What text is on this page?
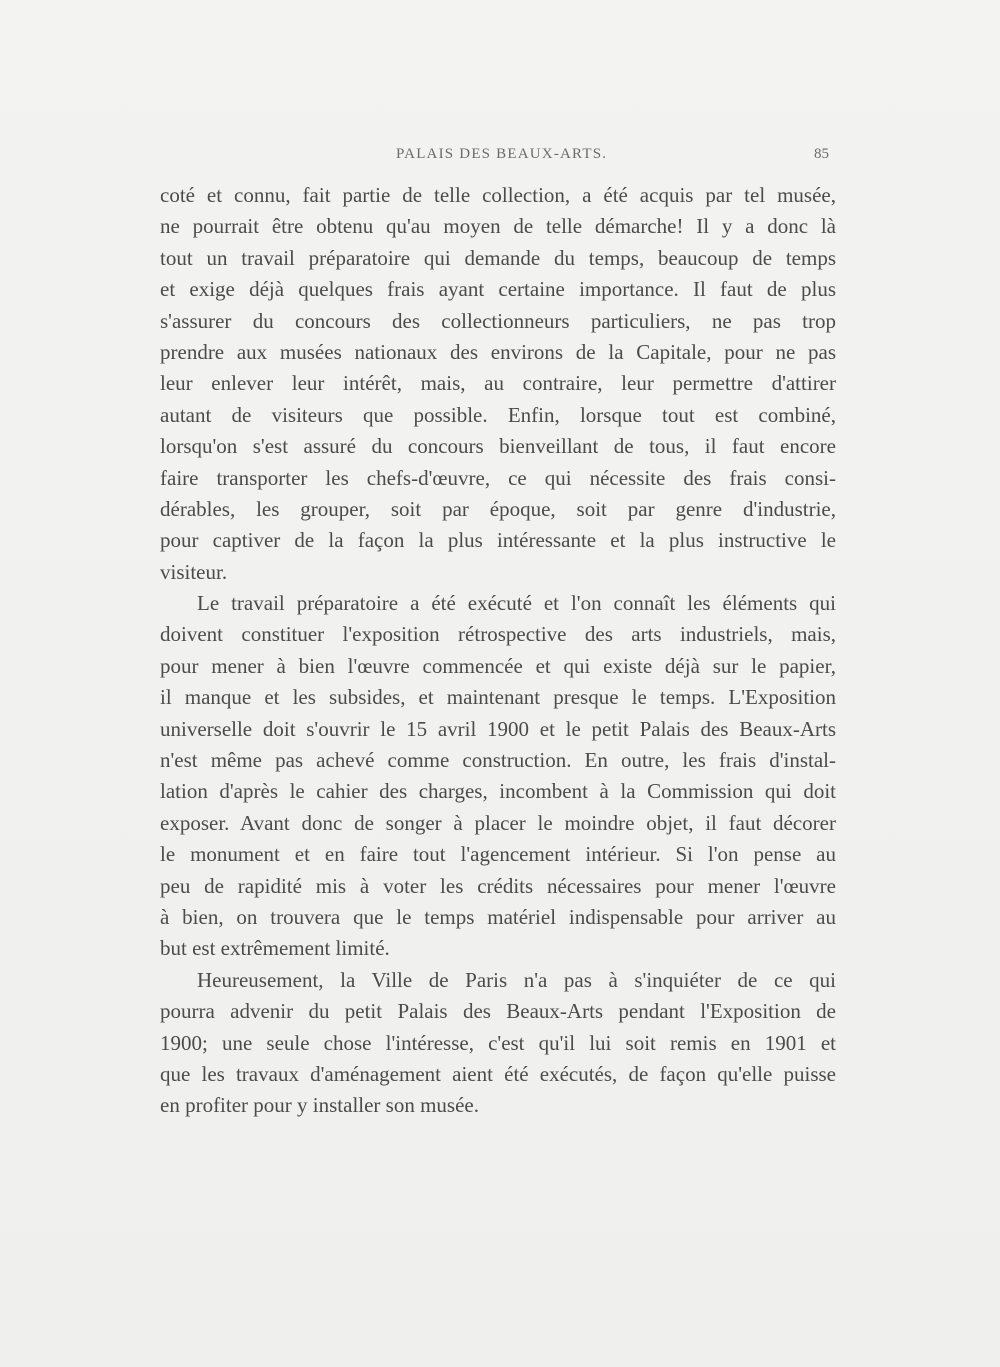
PALAIS DES BEAUX-ARTS.	85
coté et connu, fait partie de telle collection, a été acquis par tel musée,
ne pourrait être obtenu qu'au moyen de telle démarche! Il y a donc là
tout un travail préparatoire qui demande du temps, beaucoup de temps
et exige déjà quelques frais ayant certaine importance. Il faut de plus
s'assurer du concours des collectionneurs particuliers, ne pas trop
prendre aux musées nationaux des environs de la Capitale, pour ne pas
leur enlever leur intérêt, mais, au contraire, leur permettre d'attirer
autant de visiteurs que possible. Enfin, lorsque tout est combiné,
lorsqu'on s'est assuré du concours bienveillant de tous, il faut encore
faire transporter les chefs-d'œuvre, ce qui nécessite des frais consi-
dérables, les grouper, soit par époque, soit par genre d'industrie,
pour captiver de la façon la plus intéressante et la plus instructive le
visiteur.
Le travail préparatoire a été exécuté et l'on connaît les éléments qui
doivent constituer l'exposition rétrospective des arts industriels, mais,
pour mener à bien l'œuvre commencée et qui existe déjà sur le papier,
il manque et les subsides, et maintenant presque le temps. L'Exposition
universelle doit s'ouvrir le 15 avril 1900 et le petit Palais des Beaux-Arts
n'est même pas achevé comme construction. En outre, les frais d'instal-
lation d'après le cahier des charges, incombent à la Commission qui doit
exposer. Avant donc de songer à placer le moindre objet, il faut décorer
le monument et en faire tout l'agencement intérieur. Si l'on pense au
peu de rapidité mis à voter les crédits nécessaires pour mener l'œuvre
à bien, on trouvera que le temps matériel indispensable pour arriver au
but est extrêmement limité.
Heureusement, la Ville de Paris n'a pas à s'inquiéter de ce qui
pourra advenir du petit Palais des Beaux-Arts pendant l'Exposition de
1900; une seule chose l'intéresse, c'est qu'il lui soit remis en 1901 et
que les travaux d'aménagement aient été exécutés, de façon qu'elle puisse
en profiter pour y installer son musée.
